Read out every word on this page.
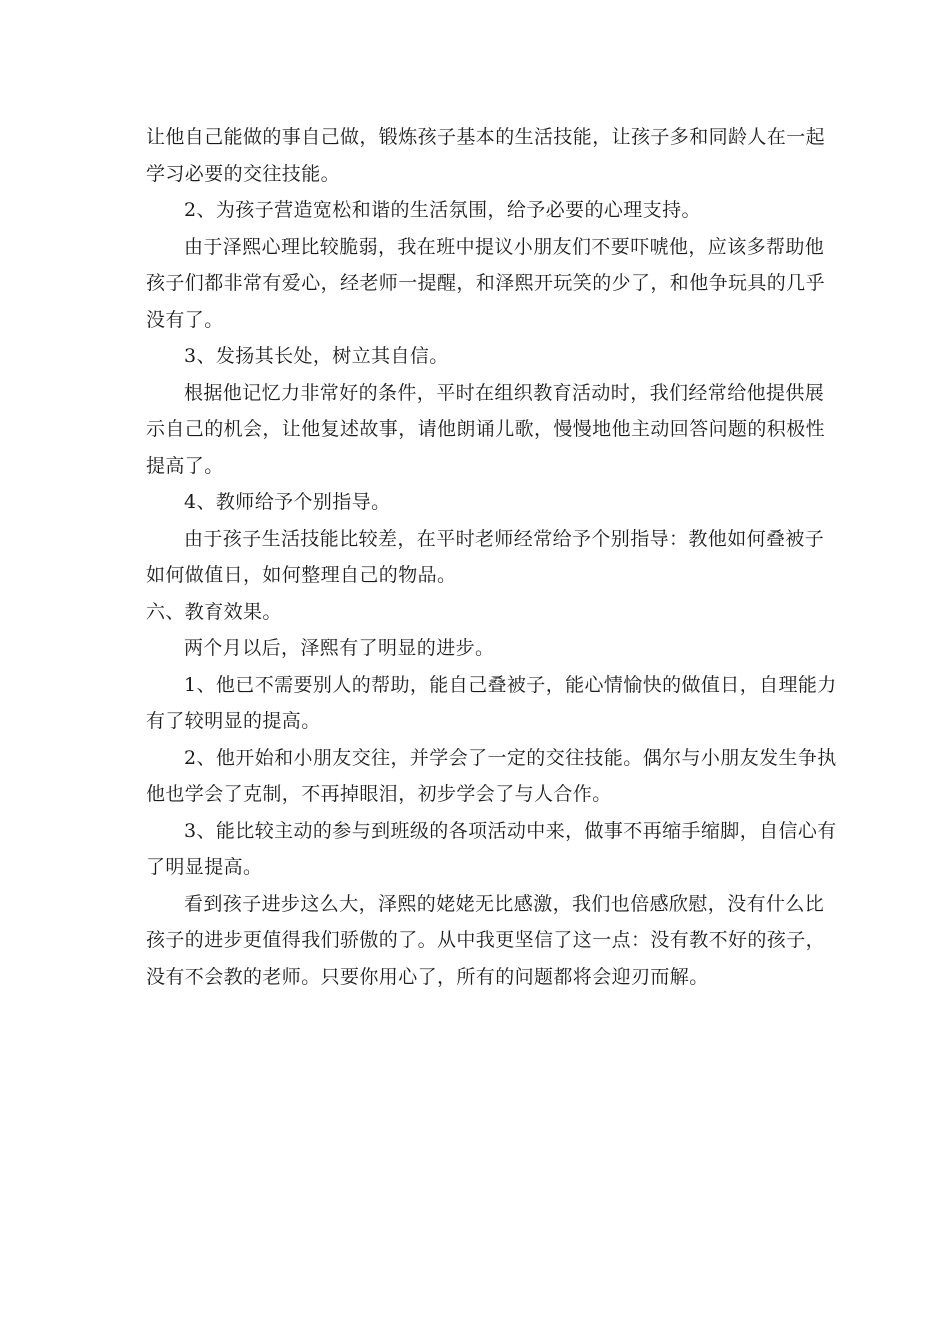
让他自己能做的事自己做，锻炼孩子基本的生活技能，让孩子多和同龄人在一起
学习必要的交往技能。
2、为孩子营造宽松和谐的生活氛围，给予必要的心理支持。
由于泽熙心理比较脆弱，我在班中提议小朋友们不要吓唬他，应该多帮助他
孩子们都非常有爱心，经老师一提醒，和泽熙开玩笑的少了，和他争玩具的几乎
没有了。
3、发扬其长处，树立其自信。
根据他记忆力非常好的条件，平时在组织教育活动时，我们经常给他提供展
示自己的机会，让他复述故事，请他朗诵儿歌，慢慢地他主动回答问题的积极性
提高了。
4、教师给予个别指导。
由于孩子生活技能比较差，在平时老师经常给予个别指导：教他如何叠被子
如何做值日，如何整理自己的物品。
六、教育效果。
两个月以后，泽熙有了明显的进步。
1、他已不需要别人的帮助，能自己叠被子，能心情愉快的做值日，自理能力
有了较明显的提高。
2、他开始和小朋友交往，并学会了一定的交往技能。偶尔与小朋友发生争执
他也学会了克制，不再掉眼泪，初步学会了与人合作。
3、能比较主动的参与到班级的各项活动中来，做事不再缩手缩脚，自信心有
了明显提高。
看到孩子进步这么大，泽熙的姥姥无比感激，我们也倍感欣慰，没有什么比
孩子的进步更值得我们骄傲的了。从中我更坚信了这一点：没有教不好的孩子，
没有不会教的老师。只要你用心了，所有的问题都将会迎刃而解。
